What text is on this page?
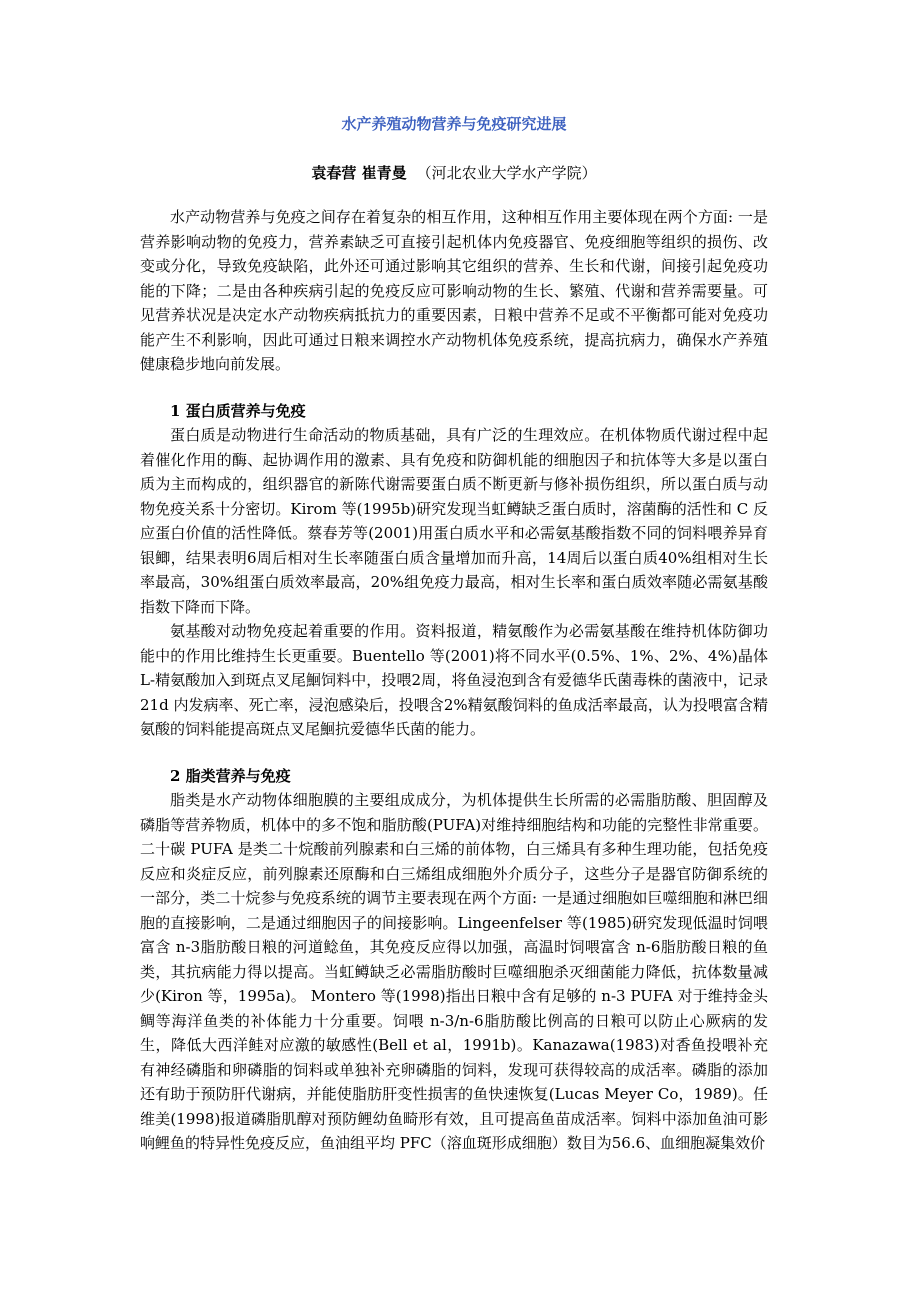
水产养殖动物营养与免疫研究进展
袁春营 崔青曼 （河北农业大学水产学院）

水产动物营养与免疫之间存在着复杂的相互作用，这种相互作用主要体现在两个方面: 一是营养影响动物的免疫力，营养素缺乏可直接引起机体内免疫器官、免疫细胞等组织的损伤、改变或分化，导致免疫缺陷，此外还可通过影响其它组织的营养、生长和代谢，间接引起免疫功能的下降；二是由各种疾病引起的免疫反应可影响动物的生长、繁殖、代谢和营养需要量。可见营养状况是决定水产动物疾病抵抗力的重要因素，日粮中营养不足或不平衡都可能对免疫功能产生不利影响，因此可通过日粮来调控水产动物机体免疫系统，提高抗病力，确保水产养殖健康稳步地向前发展。

1 蛋白质营养与免疫

蛋白质是动物进行生命活动的物质基础，具有广泛的生理效应。在机体物质代谢过程中起着催化作用的酶、起协调作用的激素、具有免疫和防御机能的细胞因子和抗体等大多是以蛋白质为主而构成的，组织器官的新陈代谢需要蛋白质不断更新与修补损伤组织，所以蛋白质与动物免疫关系十分密切。Kirom 等(1995b)研究发现当虹鳟缺乏蛋白质时，溶菌酶的活性和 C 反应蛋白价值的活性降低。蔡春芳等(2001)用蛋白质水平和必需氨基酸指数不同的饲料喂养异育银鲫，结果表明6周后相对生长率随蛋白质含量增加而升高，14周后以蛋白质40%组相对生长率最高，30%组蛋白质效率最高，20%组免疫力最高，相对生长率和蛋白质效率随必需氨基酸指数下降而下降。

氨基酸对动物免疫起着重要的作用。资料报道，精氨酸作为必需氨基酸在维持机体防御功能中的作用比维持生长更重要。Buentello 等(2001)将不同水平(0.5%、1%、2%、4%)晶体 L-精氨酸加入到斑点叉尾鮰饲料中，投喂2周，将鱼浸泡到含有爱德华氏菌毒株的菌液中，记录21d 内发病率、死亡率，浸泡感染后，投喂含2%精氨酸饲料的鱼成活率最高，认为投喂富含精氨酸的饲料能提高斑点叉尾鮰抗爱德华氏菌的能力。

2 脂类营养与免疫

脂类是水产动物体细胞膜的主要组成成分，为机体提供生长所需的必需脂肪酸、胆固醇及磷脂等营养物质，机体中的多不饱和脂肪酸(PUFA)对维持细胞结构和功能的完整性非常重要。二十碳 PUFA 是类二十烷酸前列腺素和白三烯的前体物，白三烯具有多种生理功能，包括免疫反应和炎症反应，前列腺素还原酶和白三烯组成细胞外介质分子，这些分子是器官防御系统的一部分，类二十烷参与免疫系统的调节主要表现在两个方面: 一是通过细胞如巨噬细胞和淋巴细胞的直接影响，二是通过细胞因子的间接影响。Lingeenfelser 等(1985)研究发现低温时饲喂富含 n-3脂肪酸日粮的河道鲶鱼，其免疫反应得以加强，高温时饲喂富含 n-6脂肪酸日粮的鱼类，其抗病能力得以提高。当虹鳟缺乏必需脂肪酸时巨噬细胞杀灭细菌能力降低，抗体数量减少(Kiron 等，1995a)。 Montero 等(1998)指出日粮中含有足够的 n-3 PUFA 对于维持金头鲷等海洋鱼类的补体能力十分重要。饲喂 n-3/n-6脂肪酸比例高的日粮可以防止心厥病的发生，降低大西洋鲑对应激的敏感性(Bell et al，1991b)。Kanazawa(1983)对香鱼投喂补充有神经磷脂和卵磷脂的饲料或单独补充卵磷脂的饲料，发现可获得较高的成活率。磷脂的添加还有助于预防肝代谢病，并能使脂肪肝变性损害的鱼快速恢复(Lucas Meyer Co，1989)。任维美(1998)报道磷脂肌醇对预防鲤幼鱼畸形有效，且可提高鱼苗成活率。饲料中添加鱼油可影响鲤鱼的特异性免疫反应，鱼油组平均 PFC（溶血斑形成细胞）数目为56.6、血细胞凝集效价
